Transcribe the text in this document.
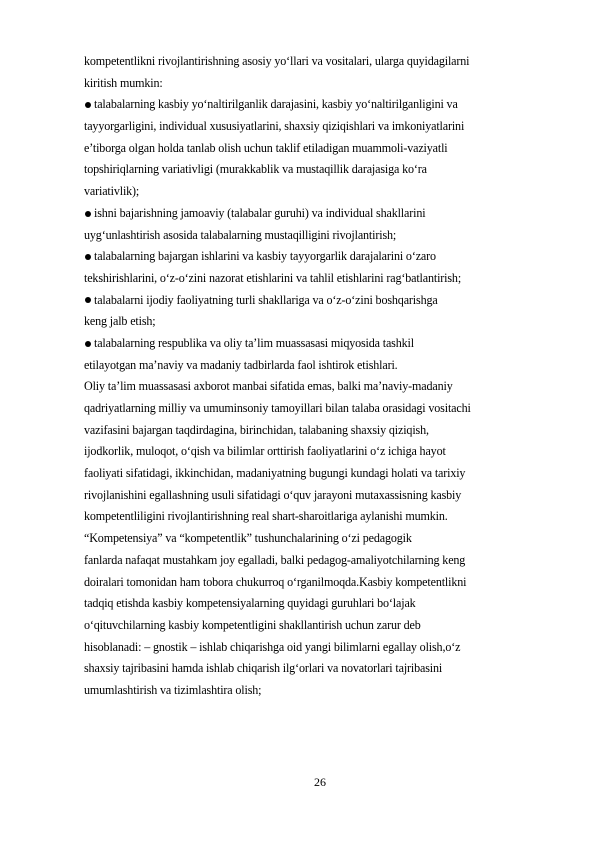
kompetentlikni rivojlantirishning asosiy yo‘llari va vositalari, ularga quyidagilarni
kiritish mumkin:
talabalarning kasbiy yo‘naltirilganlik darajasini, kasbiy yo‘naltirilganligini va
tayyorgarligini, individual xususiyatlarini, shaxsiy qiziqishlari va imkoniyatlarini
e’tiborga olgan holda tanlab olish uchun taklif etiladigan muammoli-vaziyatli
topshiriqlarning variativligi (murakkablik va mustaqillik darajasiga ko‘ra
variativlik);
ishni bajarishning jamoaviy (talabalar guruhi) va individual shakllarini
uyg‘unlashtirish asosida talabalarning mustaqilligini rivojlantirish;
talabalarning bajargan ishlarini va kasbiy tayyorgarlik darajalarini o‘zaro
tekshirishlarini, o‘z-o‘zini nazorat etishlarini va tahlil etishlarini rag‘batlantirish;
talabalarni ijodiy faoliyatning turli shakllariga va o‘z-o‘zini boshqarishga
keng jalb etish;
talabalarning respublika va oliy ta’lim muassasasi miqyosida tashkil
etilayotgan ma’naviy va madaniy tadbirlarda faol ishtirok etishlari.
Oliy ta’lim muassasasi axborot manbai sifatida emas, balki ma’naviy-madaniy
qadriyatlarning milliy va umuminsoniy tamoyillari bilan talaba orasidagi vositachi
vazifasini bajargan taqdirdagina, birinchidan, talabaning shaxsiy qiziqish,
ijodkorlik, muloqot, o‘qish va bilimlar orttirish faoliyatlarini o‘z ichiga hayot
faoliyati sifatidagi, ikkinchidan, madaniyatning bugungi kundagi holati va tarixiy
rivojlanishini egallashning usuli sifatidagi o‘quv jarayoni mutaxassisning kasbiy
kompetentliligini rivojlantirishning real shart-sharoitlariga aylanishi mumkin.
“Kompetensiya” va “kompetentlik” tushunchalarining o‘zi pedagogik
fanlarda nafaqat mustahkam joy egalladi, balki pedagog-amaliyotchilarning keng
doiralari tomonidan ham tobora chukurroq o‘rganilmoqda.Kasbiy kompetentlikni
tadqiq etishda kasbiy kompetensiyalarning quyidagi guruhlari bo‘lajak
o‘qituvchilarning kasbiy kompetentligini shakllantirish uchun zarur deb
hisoblanadi: – gnostik – ishlab chiqarishga oid yangi bilimlarni egallay olish,o‘z
shaxsiy tajribasini hamda ishlab chiqarish ilg‘orlari va novatorlari tajribasini
umumlashtirish va tizimlashtira olish;
26
